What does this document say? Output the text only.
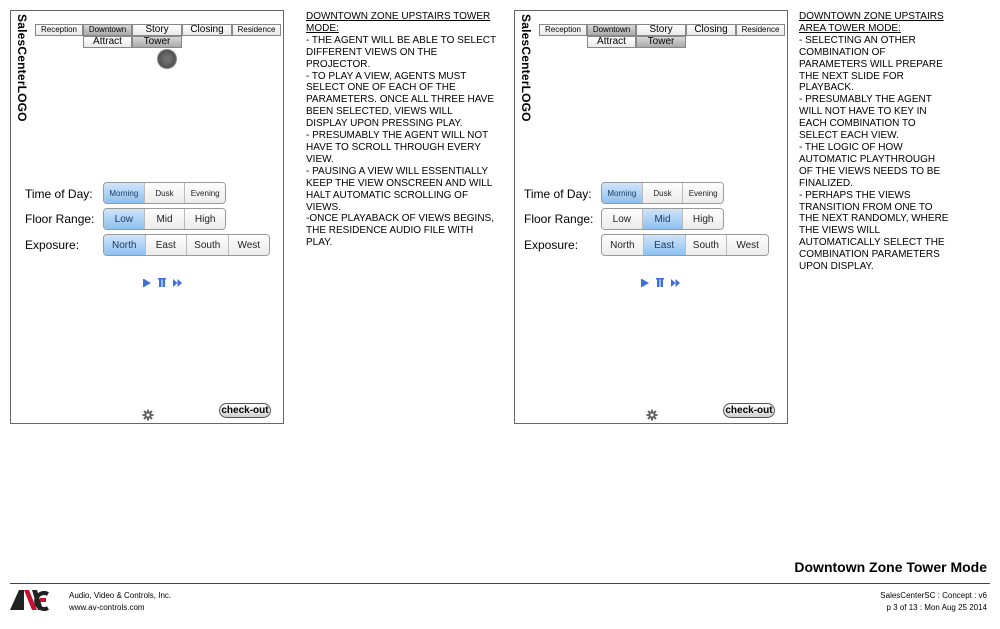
SalesCenterLOGO	Reception	Downtown	Story	Closing	Residence
Attract	Tower
Time of Day:	Morning	Dusk	Evening
Floor Range:	Low	Mid	High
Exposure:	North	East	South	West
check-out

DOWNTOWN ZONE UPSTAIRS TOWER MODE:

- THE AGENT WILL BE ABLE TO SELECT DIFFERENT VIEWS ON THE PROJECTOR.

- TO PLAY A VIEW, AGENTS MUST SELECT ONE OF EACH OF THE PARAMETERS. ONCE ALL THREE HAVE BEEN SELECTED, VIEWS WILL DISPLAY UPON PRESSING PLAY.

- PRESUMABLY THE AGENT WILL NOT HAVE TO SCROLL THROUGH EVERY VIEW.

- PAUSING A VIEW WILL ESSENTIALLY KEEP THE VIEW ONSCREEN AND WILL HALT AUTOMATIC SCROLLING OF VIEWS.

-ONCE PLAYABACK OF VIEWS BEGINS, THE RESIDENCE AUDIO FILE WITH PLAY.

SalesCenterLOGO	Reception	Downtown	Story	Closing	Residence
Attract	Tower
Time of Day:	Morning	Dusk	Evening
Floor Range:	Low	Mid	High
Exposure:	North	East	South	West
check-out

DOWNTOWN ZONE UPSTAIRS AREA TOWER MODE:

- SELECTING AN OTHER COMBINATION OF PARAMETERS WILL PREPARE THE NEXT SLIDE FOR PLAYBACK.

- PRESUMABLY THE AGENT WILL NOT HAVE TO KEY IN EACH COMBINATION TO SELECT EACH VIEW.

- THE LOGIC OF HOW AUTOMATIC PLAYTHROUGH OF THE VIEWS NEEDS TO BE FINALIZED.

- PERHAPS THE VIEWS TRANSITION FROM ONE TO THE NEXT RANDOMLY, WHERE THE VIEWS WILL AUTOMATICALLY SELECT THE COMBINATION PARAMETERS UPON DISPLAY.

Downtown Zone Tower Mode
Audio, Video & Controls, Inc.
www.av-controls.com
SalesCenterSC : Concept : v6
p 3 of 13 : Mon Aug 25 2014
